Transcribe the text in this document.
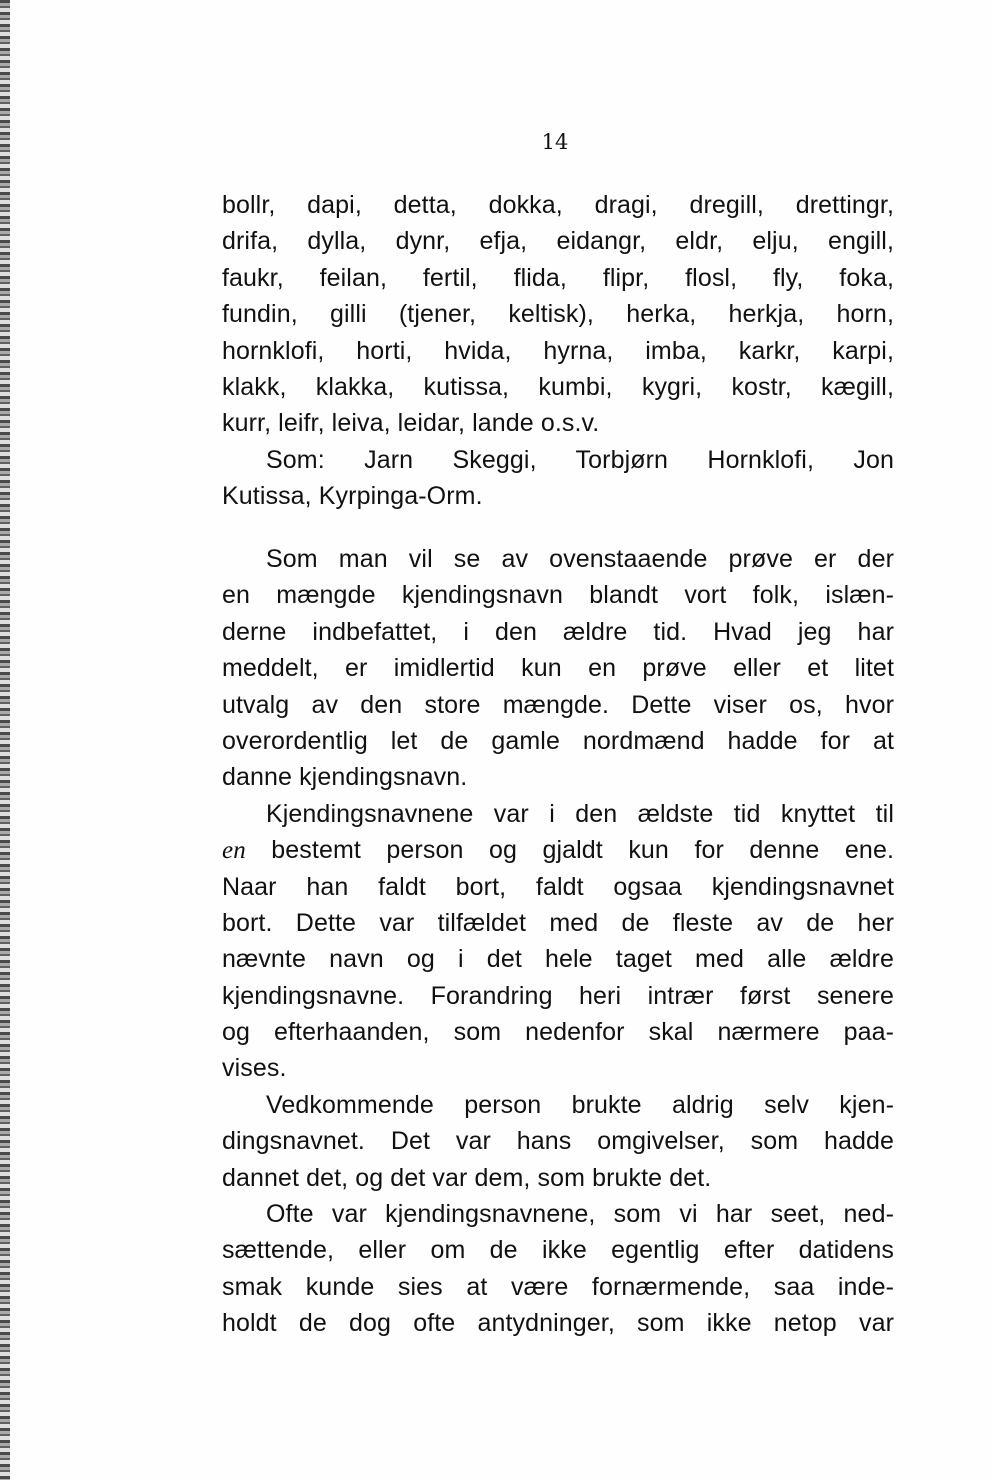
14
bollr, dapi, detta, dokka, dragi, dregill, drettingr,
drifa, dylla, dynr, efja, eidangr, eldr, elju, engill,
faukr, feilan, fertil, flida, flipr, flosl, fly, foka,
fundin, gilli (tjener, keltisk), herka, herkja, horn,
hornklofi, horti, hvida, hyrna, imba, karkr, karpi,
klakk, klakka, kutissa, kumbi, kygri, kostr, kægill,
kurr, leifr, leiva, leidar, lande o.s.v.
Som: Jarn Skeggi, Torbjørn Hornklofi, Jon
Kutissa, Kyrpinga-Orm.
Som man vil se av ovenstaaende prøve er der
en mængde kjendingsnavn blandt vort folk, islæn-
derne indbefattet, i den ældre tid. Hvad jeg har
meddelt, er imidlertid kun en prøve eller et litet
utvalg av den store mængde. Dette viser os, hvor
overordentlig let de gamle nordmænd hadde for at
danne kjendingsnavn.
Kjendingsnavnene var i den ældste tid knyttet til
en bestemt person og gjaldt kun for denne ene.
Naar han faldt bort, faldt ogsaa kjendingsnavnet
bort. Dette var tilfældet med de fleste av de her
nævnte navn og i det hele taget med alle ældre
kjendingsnavne. Forandring heri intrær først senere
og efterhaanden, som nedenfor skal nærmere paa-
vises.
Vedkommende person brukte aldrig selv kjen-
dingsnavnet. Det var hans omgivelser, som hadde
dannet det, og det var dem, som brukte det.
Ofte var kjendingsnavnene, som vi har seet, ned-
sættende, eller om de ikke egentlig efter datidens
smak kunde sies at være fornærmende, saa inde-
holdt de dog ofte antydninger, som ikke netop var
